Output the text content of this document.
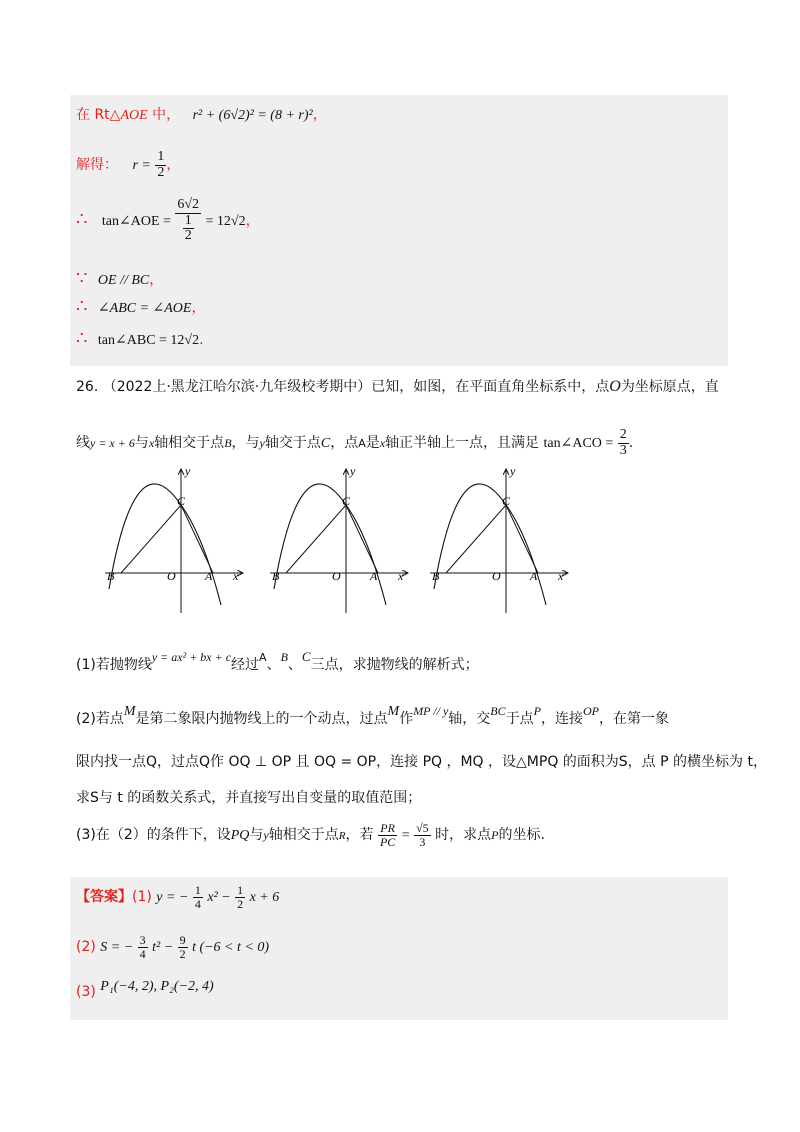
在 Rt△AOE 中， r² + (6√2)² = (8 + r)²，
解得： $r = \frac{1}{2}$ ，
∴ tan∠AOE = $\frac{6√2}{\frac{1}{2}} = 12√2$，
∵ OE // BC，
∴ ∠ABC = ∠AOE，
∴ tan∠ABC = 12√2.
26. （2022上·黑龙江哈尔滨·九年级校考期中）已知，如图，在平面直角坐标系中，点O为坐标原点，直
线y = x + 6与x轴相交于点B，与y轴交于点C，点A是x轴正半轴上一点，且满足 tan∠ACO = $\frac{2}{3}$ .
y
x
C
B	O A
y
x
C
B	O A
y
x
C
B	O A
(1)若抛物线y = ax² + bx + c经过$^A$、B、C三点，求抛物线的解析式；
(2)若点M是第二象限内抛物线上的一个动点，过点M作MP // y轴，交BC于点P，连接OP，在第一象
限内找一点Q，过点Q作 OQ ⊥ OP 且 OQ = OP，连接 PQ ，MQ ，设△MPQ 的面积为S，点 P 的横坐标为 t，
求S与 t 的函数关系式，并直接写出自变量的取值范围；
(3)在（2）的条件下，设PQ与y轴相交于点R，若 $\frac{PR}{PC} = \frac{√5}{3}$ 时，求点P的坐标.
【答案】(1) y = − $\frac{1}{4} x^2 - \frac{1}{2}$ x + 6
(2) S = − $\frac{3}{4} t^2 - \frac{9}{2}$ t (−6 < t < 0)
(3) P₁(−4, 2), P₂(−2, 4)
